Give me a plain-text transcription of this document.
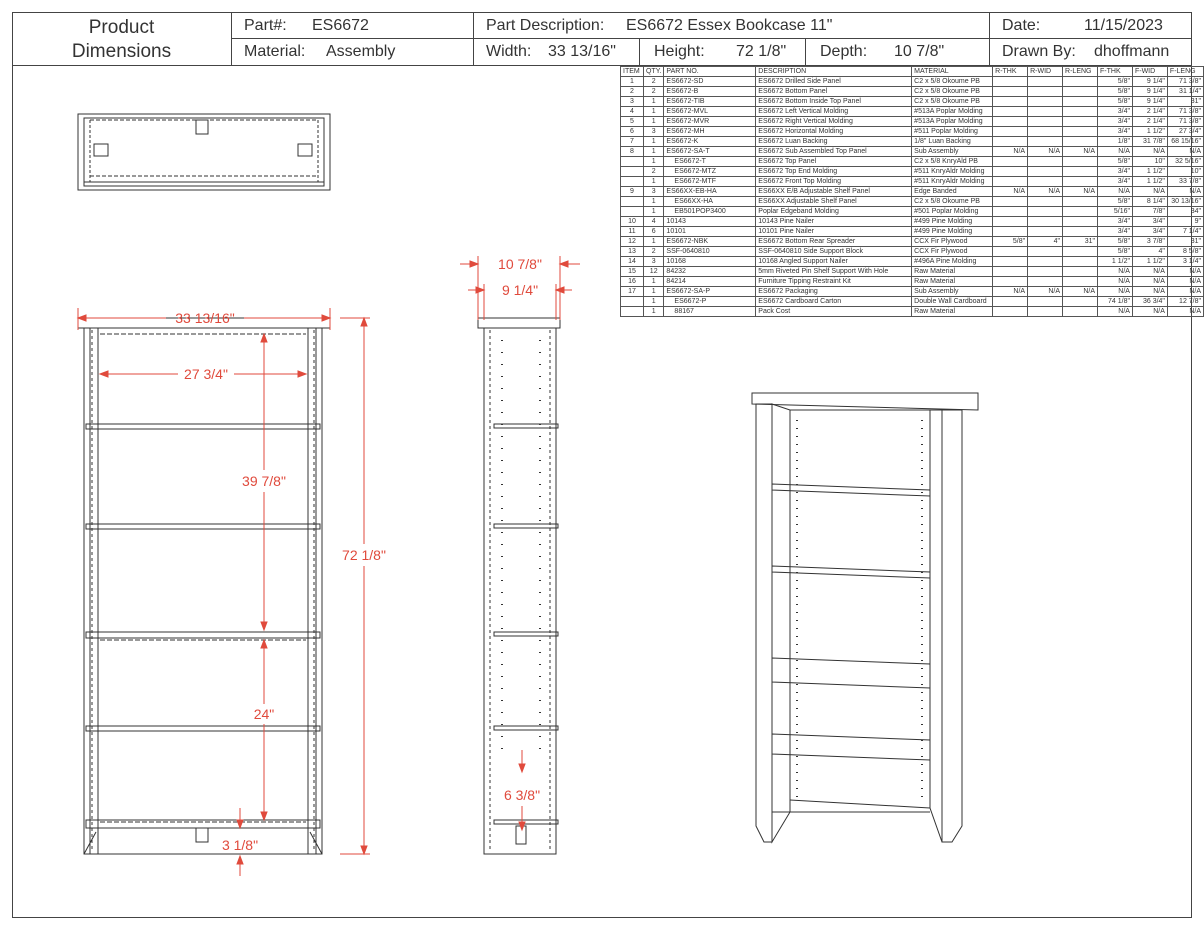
Product
Dimensions
Part#: ES6672
Material: Assembly
Part Description: ES6672 Essex Bookcase 11"
Width: 33 13/16" Height: 72 1/8" Depth: 10 7/8"
Date:	11/15/2023
Drawn By: dhoffmann
ITEM	QTY.	PART NO.	DESCRIPTION	MATERIAL	R-THK	R-WID	R-LENG	F-THK	F-WID	F-LENG
1	2	ES6672-SD	ES6672 Drilled Side Panel	C2 x 5/8 Okoume PB				5/8"	9 1/4"	71 3/8"
2	2	ES6672-B	ES6672 Bottom Panel	C2 x 5/8 Okoume PB				5/8"	9 1/4"	31 1/4"
3	1	ES6672-TIB	ES6672 Bottom Inside Top Panel	C2 x 5/8 Okoume PB				5/8"	9 1/4"	31"
4	1	ES6672-MVL	ES6672 Left Vertical Molding	#513A Poplar Molding				3/4"	2 1/4"	71 3/8"
5	1	ES6672-MVR	ES6672 Right Vertical Molding	#513A Poplar Molding				3/4"	2 1/4"	71 3/8"
6	3	ES6672-MH	ES6672 Horizontal Molding	#511 Poplar Molding				3/4"	1 1/2"	27 3/4"
7	1	ES6672-K	ES6672 Luan Backing	1/8" Luan Backing				1/8"	31 7/8"	68 15/16"
8	1	ES6672-SA-T	ES6672 Sub Assembled Top Panel	Sub Assembly	N/A	N/A	N/A	N/A	N/A	N/A
	1	ES6672-T	ES6672 Top Panel	C2 x 5/8 KnryAld PB				5/8"	10"	32 5/16"
	2	ES6672-MTZ	ES6672 Top End Molding	#511 KnryAldr Molding				3/4"	1 1/2"	10"
	1	ES6672-MTF	ES6672 Front Top Molding	#511 KnryAldr Molding				3/4"	1 1/2"	33 7/8"
9	3	ES66XX-EB-HA	ES66XX E/B Adjustable Shelf Panel	Edge Banded	N/A	N/A	N/A	N/A	N/A	N/A
	1	ES66XX-HA	ES66XX Adjustable Shelf Panel	C2 x 5/8 Okoume PB				5/8"	8 1/4"	30 13/16"
	1	EB501POP3400	Poplar Edgeband Molding	#501 Poplar Molding				5/16"	7/8"	34"
10	4	10143	10143 Pine Nailer	#499 Pine Molding				3/4"	3/4"	9"
11	6	10101	10101 Pine Nailer	#499 Pine Molding				3/4"	3/4"	7 1/4"
12	1	ES6672-NBK	ES6672 Bottom Rear Spreader	CCX Fir Plywood	5/8"	4"	31"	5/8"	3 7/8"	31"
13	2	SSF-0640810	SSF-0640810 Side Support Block	CCX Fir Plywood				5/8"	4"	8 5/8"
14	3	10168	10168 Angled Support Nailer	#496A Pine Molding				1 1/2"	1 1/2"	3 1/4"
15	12	84232	5mm Riveted Pin Shelf Support With Hole	Raw Material				N/A	N/A	N/A
16	1	84214	Furniture Tipping Restraint Kit	Raw Material				N/A	N/A	N/A
17	1	ES6672-SA-P	ES6672 Packaging	Sub Assembly	N/A	N/A	N/A	N/A	N/A	N/A
	1	ES6672-P	ES6672 Cardboard Carton	Double Wall Cardboard				74 1/8"	36 3/4"	12 7/8"
	1	88167	Pack Cost	Raw Material				N/A	N/A	N/A
33 13/16"
27 3/4"
39 7/8"
24"
72 1/8"
3 1/8"
10 7/8"
9 1/4"
6 3/8"
